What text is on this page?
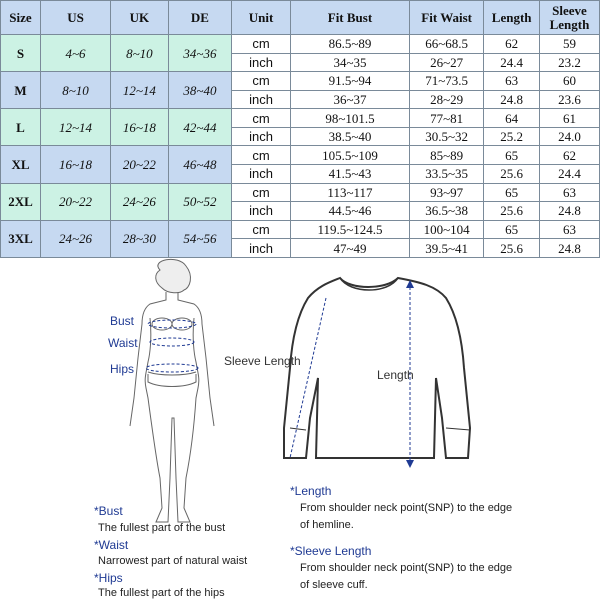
Size	US	UK	DE	Unit	Fit Bust	Fit Waist	Length	Sleeve Length
S	4~6	8~10	34~36	cm	86.5~89	66~68.5	62	59
				inch	34~35	26~27	24.4	23.2
M	8~10	12~14	38~40	cm	91.5~94	71~73.5	63	60
				inch	36~37	28~29	24.8	23.6
L	12~14	16~18	42~44	cm	98~101.5	77~81	64	61
				inch	38.5~40	30.5~32	25.2	24.0
XL	16~18	20~22	46~48	cm	105.5~109	85~89	65	62
				inch	41.5~43	33.5~35	25.6	24.4
2XL	20~22	24~26	50~52	cm	113~117	93~97	65	63
				inch	44.5~46	36.5~38	25.6	24.8
3XL	24~26	28~30	54~56	cm	119.5~124.5	100~104	65	63
				inch	47~49	39.5~41	25.6	24.8
Bust
Waist
Hips
Sleeve Length
Length
*Bust
The fullest part of the bust
*Waist
Narrowest part of natural waist
*Hips
The fullest part of the hips
*Length
From shoulder neck point(SNP) to the edge
of hemline.
*Sleeve Length
From shoulder neck point(SNP) to the edge
of sleeve cuff.
